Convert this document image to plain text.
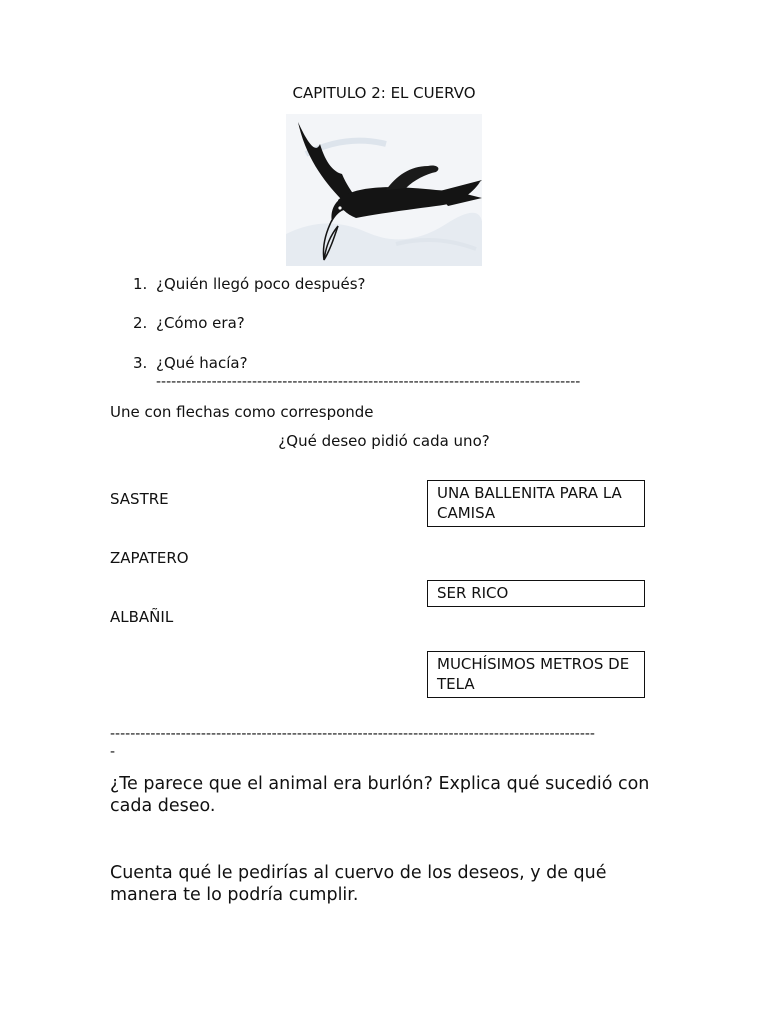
CAPITULO 2: EL CUERVO
1. ¿Quién llegó poco después?
2. ¿Cómo era?
3. ¿Qué hacía?
------------------------------------------------------------------------------------
Une con flechas como corresponde
¿Qué deseo pidió cada uno?
SASTRE
ZAPATERO
ALBAÑIL
UNA BALLENITA PARA LA CAMISA
SER RICO
MUCHÍSIMOS METROS DE TELA
------------------------------------------------------------------------------------------------
-
¿Te parece que el animal era burlón? Explica qué sucedió con cada deseo.
Cuenta qué le pedirías al cuervo de los deseos, y de qué manera te lo podría cumplir.
